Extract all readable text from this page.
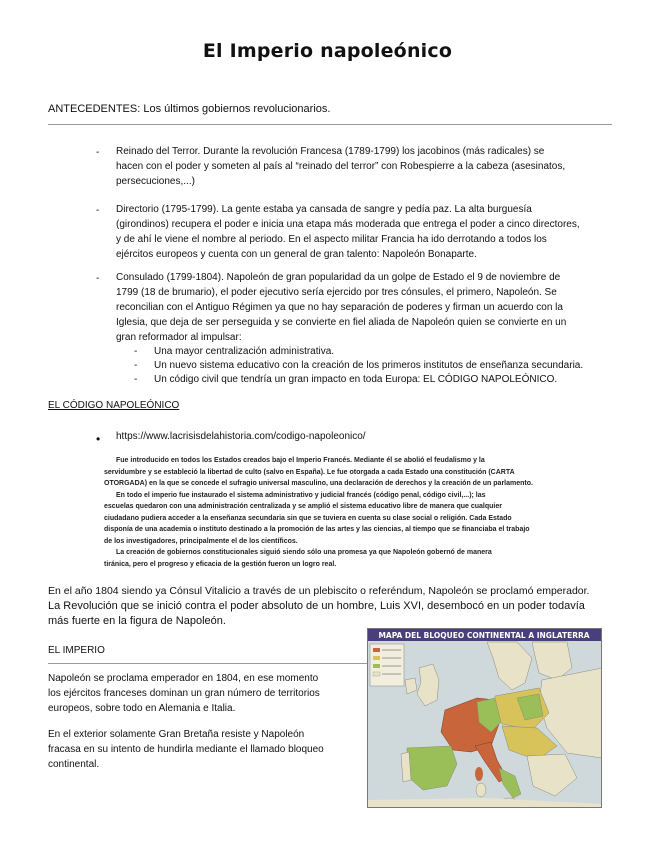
El Imperio napoleónico
ANTECEDENTES: Los últimos gobiernos revolucionarios.
- Reinado del Terror. Durante la revolución Francesa (1789-1799) los jacobinos (más radicales) se
hacen con el poder y someten al país al “reinado del terror” con Robespierre a la cabeza (asesinatos,
persecuciones,...)
- Directorio (1795-1799). La gente estaba ya cansada de sangre y pedía paz. La alta burguesía
(girondinos) recupera el poder e inicia una etapa más moderada que entrega el poder a cinco directores,
y de ahí le viene el nombre al periodo. En el aspecto militar Francia ha ido derrotando a todos los
ejércitos europeos y cuenta con un general de gran talento: Napoleón Bonaparte.
- Consulado (1799-1804). Napoleón de gran popularidad da un golpe de Estado el 9 de noviembre de
1799 (18 de brumario), el poder ejecutivo sería ejercido por tres cónsules, el primero, Napoleón. Se
reconcilian con el Antiguo Régimen ya que no hay separación de poderes y firman un acuerdo con la
Iglesia, que deja de ser perseguida y se convierte en fiel aliada de Napoleón quien se convierte en un
gran reformador al impulsar:
- Una mayor centralización administrativa.
- Un nuevo sistema educativo con la creación de los primeros institutos de enseñanza secundaria.
- Un código civil que tendría un gran impacto en toda Europa: EL CÓDIGO NAPOLEÓNICO.
EL CÓDIGO NAPOLEÓNICO
• https://www.lacrisisdelahistoria.com/codigo-napoleonico/
Fue introducido en todos los Estados creados bajo el Imperio Francés. Mediante él se abolió el feudalismo y la
servidumbre y se estableció la libertad de culto (salvo en España). Le fue otorgada a cada Estado una constitución (CARTA
OTORGADA) en la que se concede el sufragio universal masculino, una declaración de derechos y la creación de un parlamento.
En todo el imperio fue instaurado el sistema administrativo y judicial francés (código penal, código civil,...); las
escuelas quedaron con una administración centralizada y se amplió el sistema educativo libre de manera que cualquier
ciudadano pudiera acceder a la enseñanza secundaria sin que se tuviera en cuenta su clase social o religión. Cada Estado
disponía de una academia o instituto destinado a la promoción de las artes y las ciencias, al tiempo que se financiaba el trabajo
de los investigadores, principalmente el de los científicos.
La creación de gobiernos constitucionales siguió siendo sólo una promesa ya que Napoleón gobernó de manera
tiránica, pero el progreso y eficacia de la gestión fueron un logro real.
En el año 1804 siendo ya Cónsul Vitalicio a través de un plebiscito o referéndum, Napoleón se proclamó emperador.
La Revolución que se inició contra el poder absoluto de un hombre, Luis XVI, desembocó en un poder todavía
más fuerte en la figura de Napoleón.
EL IMPERIO
Napoleón se proclama emperador en 1804, en ese momento
los ejércitos franceses dominan un gran número de territorios
europeos, sobre todo en Alemania e Italia.
En el exterior solamente Gran Bretaña resiste y Napoleón
fracasa en su intento de hundirla mediante el llamado bloqueo
continental.
MAPA DEL BLOQUEO CONTINENTAL A INGLATERRA
